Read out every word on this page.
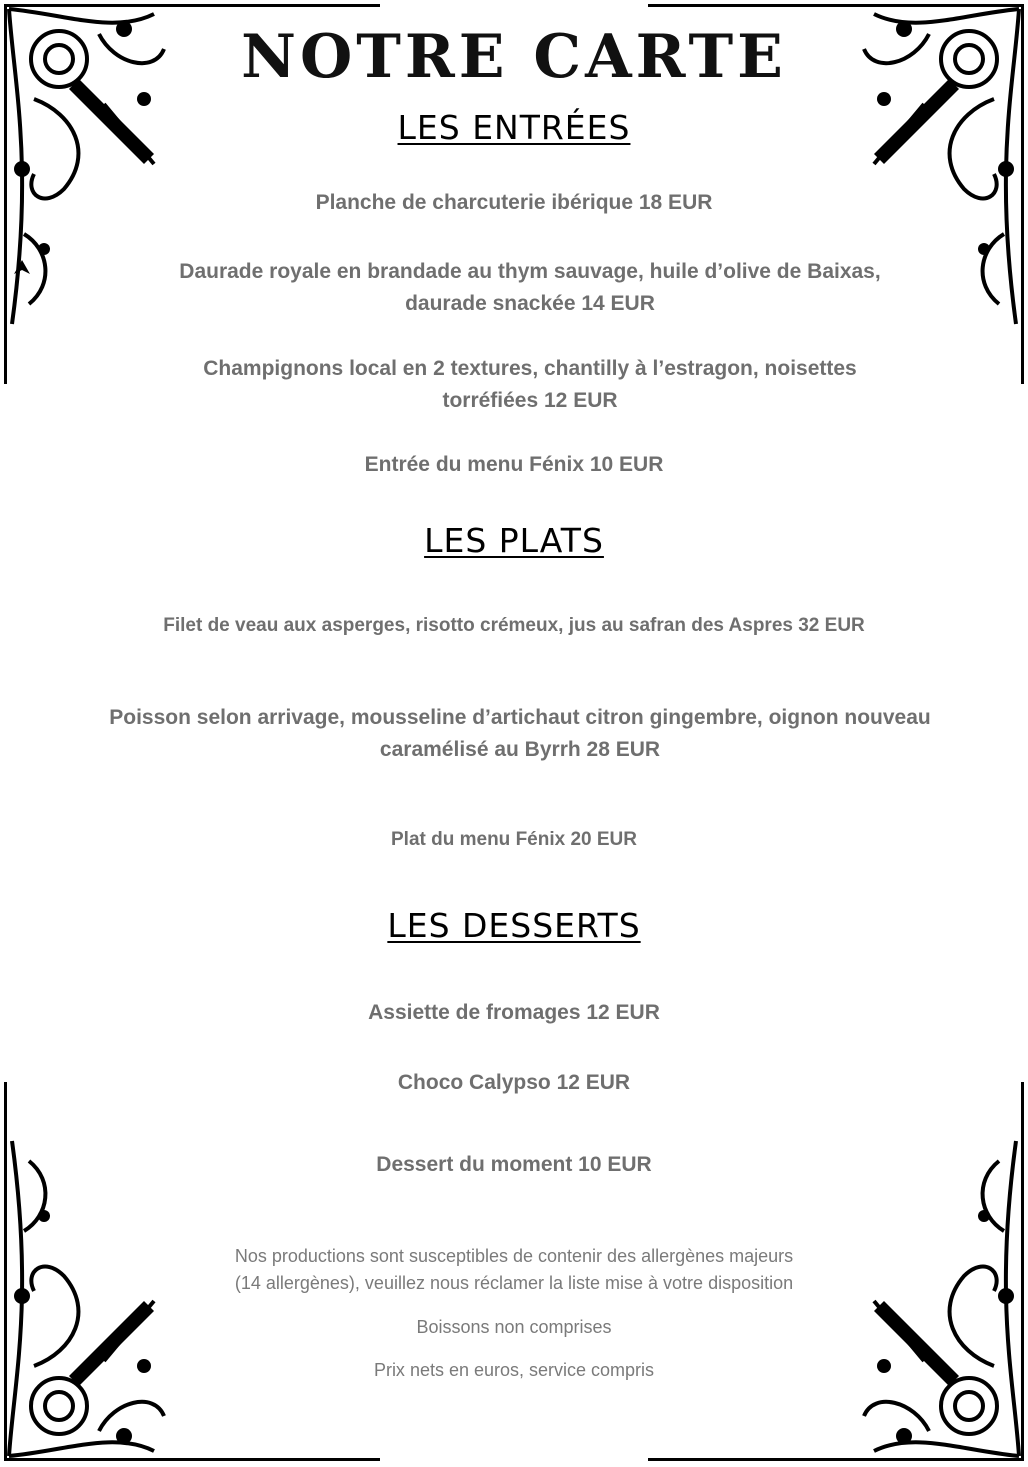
NOTRE CARTE
LES ENTRÉES
Planche de charcuterie ibérique 18 EUR
Daurade royale en brandade au thym sauvage, huile d’olive de Baixas, daurade snackée 14 EUR
Champignons local en 2 textures, chantilly à l’estragon, noisettes torréfiées 12 EUR
Entrée du menu Fénix 10 EUR
LES PLATS
Filet de veau aux asperges, risotto crémeux, jus au safran des Aspres 32 EUR
Poisson selon arrivage, mousseline d’artichaut citron gingembre, oignon nouveau caramélisé au Byrrh 28 EUR
Plat du menu Fénix 20 EUR
LES DESSERTS
Assiette de fromages 12 EUR
Choco Calypso 12 EUR
Dessert du moment 10 EUR
Nos productions sont susceptibles de contenir des allergènes majeurs
(14 allergènes), veuillez nous réclamer la liste mise à votre disposition
Boissons non comprises
Prix nets en euros, service compris
